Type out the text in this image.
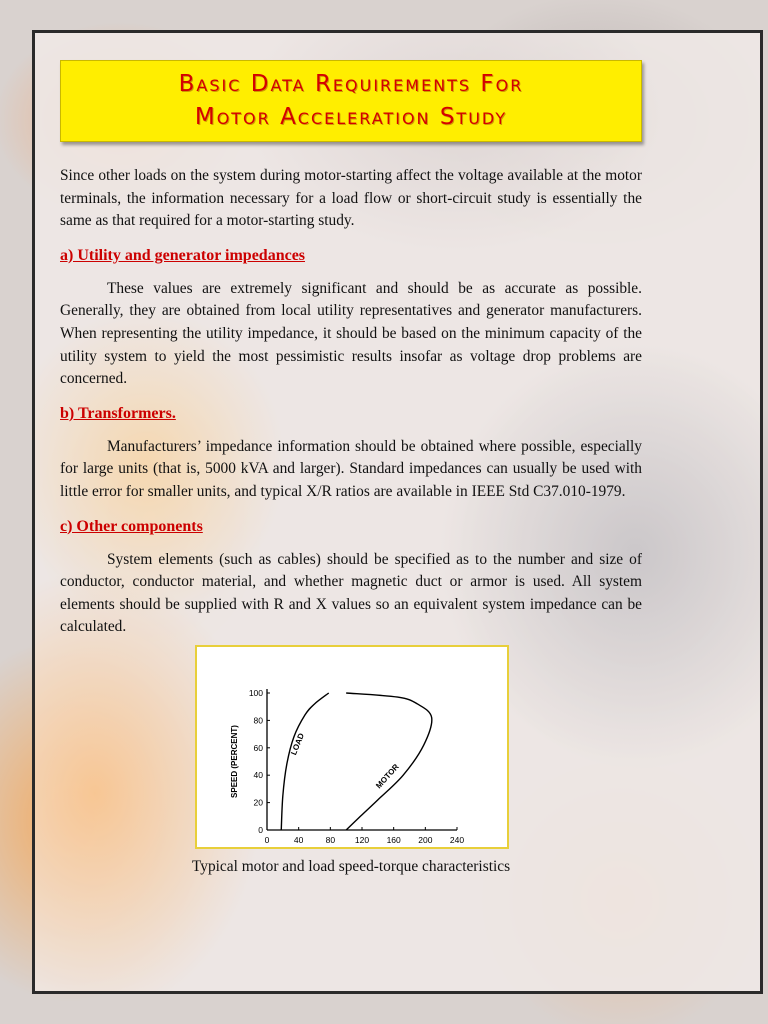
Basic Data Requirements For
Motor Acceleration Study

Since other loads on the system during motor-starting affect the voltage available at the motor terminals, the information necessary for a load flow or short-circuit study is essentially the same as that required for a motor-starting study.

a) Utility and generator impedances

These values are extremely significant and should be as accurate as possible. Generally, they are obtained from local utility representatives and generator manufacturers. When representing the utility impedance, it should be based on the minimum capacity of the utility system to yield the most pessimistic results insofar as voltage drop problems are concerned.

b) Transformers.

Manufacturers’ impedance information should be obtained where possible, especially for large units (that is, 5000 kVA and larger). Standard impedances can usually be used with little error for smaller units, and typical X/R ratios are available in IEEE Std C37.010-1979.

c) Other components

System elements (such as cables) should be specified as to the number and size of conductor, conductor material, and whether magnetic duct or armor is used. All system elements should be supplied with R and X values so an equivalent system impedance can be calculated.

0	40	80 120 160 200 240
0
20
40
60
80
100
SPEED (PERCENT)	LOAD
MOTOR
Typical motor and load speed-torque characteristics
